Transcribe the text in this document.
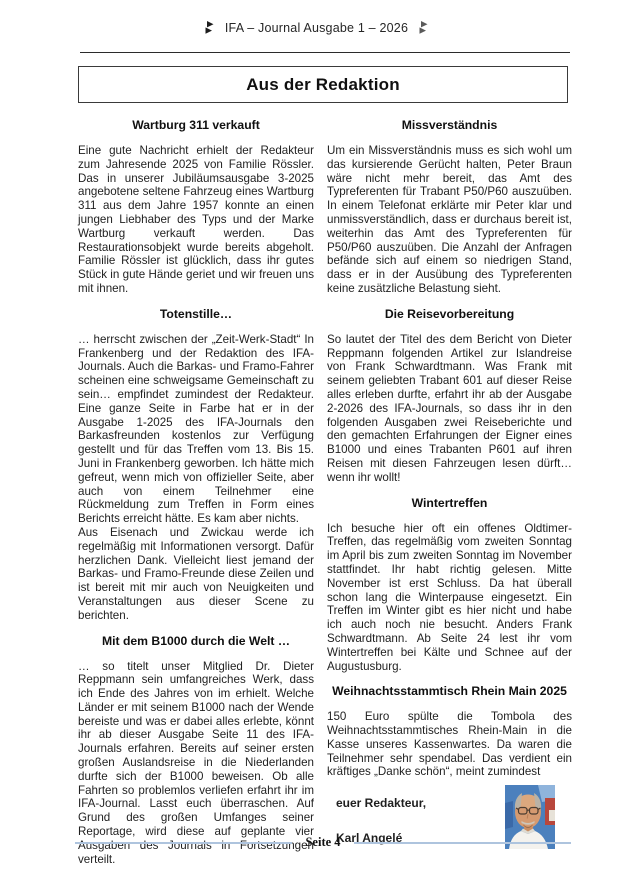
IFA – Journal Ausgabe 1 – 2026
Aus der Redaktion
Wartburg 311 verkauft

Eine gute Nachricht erhielt der Redakteur zum Jahresende 2025 von Familie Rössler. Das in unserer Jubiläumsausgabe 3-2025 angebotene seltene Fahrzeug eines Wartburg 311 aus dem Jahre 1957 konnte an einen jungen Liebhaber des Typs und der Marke Wartburg verkauft werden. Das Restaurationsobjekt wurde bereits abgeholt. Familie Rössler ist glücklich, dass ihr gutes Stück in gute Hände geriet und wir freuen uns mit ihnen.

Totenstille…

… herrscht zwischen der „Zeit-Werk-Stadt“ In Frankenberg und der Redaktion des IFA-Journals. Auch die Barkas- und Framo-Fahrer scheinen eine schweigsame Gemeinschaft zu sein… empfindet zumindest der Redakteur. Eine ganze Seite in Farbe hat er in der Ausgabe 1-2025 des IFA-Journals den Barkasfreunden kostenlos zur Verfügung gestellt und für das Treffen vom 13. Bis 15. Juni in Frankenberg geworben. Ich hätte mich gefreut, wenn mich von offizieller Seite, aber auch von einem Teilnehmer eine Rückmeldung zum Treffen in Form eines Berichts erreicht hätte. Es kam aber nichts.

Aus Eisenach und Zwickau werde ich regelmäßig mit Informationen versorgt. Dafür herzlichen Dank. Vielleicht liest jemand der Barkas- und Framo-Freunde diese Zeilen und ist bereit mit mir auch von Neuigkeiten und Veranstaltungen aus dieser Scene zu berichten.

Mit dem B1000 durch die Welt …

… so titelt unser Mitglied Dr. Dieter Reppmann sein umfangreiches Werk, dass ich Ende des Jahres von im erhielt. Welche Länder er mit seinem B1000 nach der Wende bereiste und was er dabei alles erlebte, könnt ihr ab dieser Ausgabe Seite 11 des IFA-Journals erfahren. Bereits auf seiner ersten großen Auslandsreise in die Niederlanden durfte sich der B1000 beweisen. Ob alle Fahrten so problemlos verliefen erfahrt ihr im IFA-Journal. Lasst euch überraschen. Auf Grund des großen Umfanges seiner Reportage, wird diese auf geplante vier Ausgaben des Journals in Fortsetzungen verteilt.

Missverständnis

Um ein Missverständnis muss es sich wohl um das kursierende Gerücht halten, Peter Braun wäre nicht mehr bereit, das Amt des Typreferenten für Trabant P50/P60 auszuüben. In einem Telefonat erklärte mir Peter klar und unmissverständlich, dass er durchaus bereit ist, weiterhin das Amt des Typreferenten für P50/P60 auszuüben. Die Anzahl der Anfragen befände sich auf einem so niedrigen Stand, dass er in der Ausübung des Typreferenten keine zusätzliche Belastung sieht.

Die Reisevorbereitung

So lautet der Titel des dem Bericht von Dieter Reppmann folgenden Artikel zur Islandreise von Frank Schwardtmann. Was Frank mit seinem geliebten Trabant 601 auf dieser Reise alles erleben durfte, erfahrt ihr ab der Ausgabe 2-2026 des IFA-Journals, so dass ihr in den folgenden Ausgaben zwei Reiseberichte und den gemachten Erfahrungen der Eigner eines B1000 und eines Trabanten P601 auf ihren Reisen mit diesen Fahrzeugen lesen dürft… wenn ihr wollt!

Wintertreffen

Ich besuche hier oft ein offenes Oldtimer-Treffen, das regelmäßig vom zweiten Sonntag im April bis zum zweiten Sonntag im November stattfindet. Ihr habt richtig gelesen. Mitte November ist erst Schluss. Da hat überall schon lang die Winterpause eingesetzt. Ein Treffen im Winter gibt es hier nicht und habe ich auch noch nie besucht. Anders Frank Schwardtmann. Ab Seite 24 lest ihr vom Wintertreffen bei Kälte und Schnee auf der Augustusburg.

Weihnachtsstammtisch Rhein Main 2025

150 Euro spülte die Tombola des Weihnachtsstammtisches Rhein-Main in die Kasse unseres Kassenwartes. Da waren die Teilnehmer sehr spendabel. Das verdient ein kräftiges „Danke schön“, meint zumindest

euer Redakteur,

Karl Angelé

Seite 4
